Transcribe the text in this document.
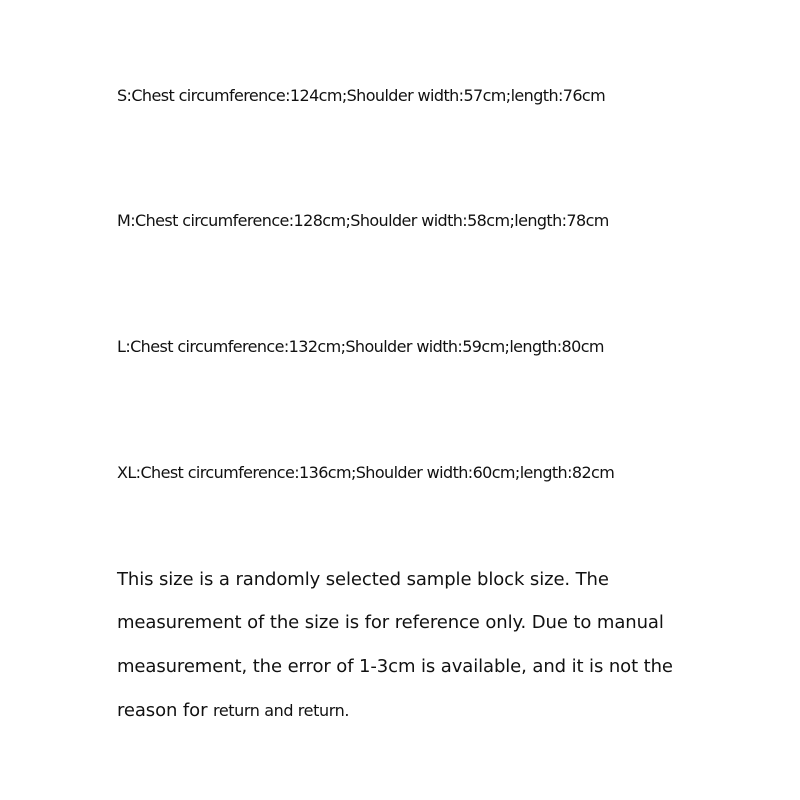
S:Chest circumference:124cm;Shoulder width:57cm;length:76cm
M:Chest circumference:128cm;Shoulder width:58cm;length:78cm
L:Chest circumference:132cm;Shoulder width:59cm;length:80cm
XL:Chest circumference:136cm;Shoulder width:60cm;length:82cm
This size is a randomly selected sample block size. The
measurement of the size is for reference only. Due to manual
measurement, the error of 1-3cm is available, and it is not the
reason for return and return.
